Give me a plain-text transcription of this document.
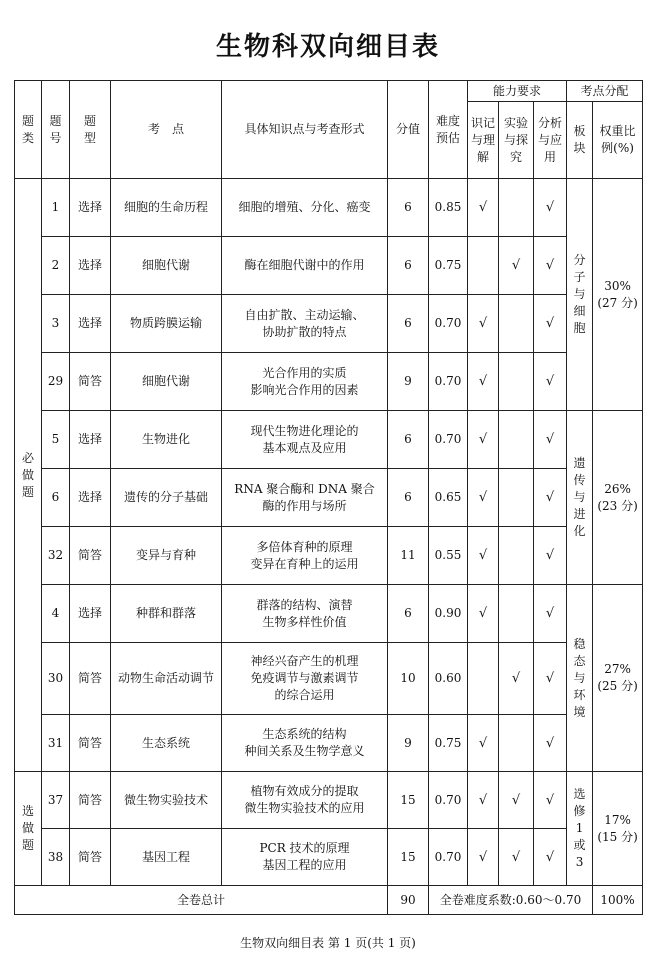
生物科双向细目表
题类	题号	题型	考　点	具体知识点与考查形式	分值	难度预估	能力要求			考点分配	
							识记与理解	实验与探究	分析与应用	板块	权重比例(%)
必做题	1	选择	细胞的生命历程	细胞的增殖、分化、癌变	6	0.85	√		√	分子与细胞	30%
(27 分)
	2	选择	细胞代谢	酶在细胞代谢中的作用	6	0.75		√	√		
	3	选择	物质跨膜运输	自由扩散、主动运输、
协助扩散的特点	6	0.70	√		√		
	29	简答	细胞代谢	光合作用的实质
影响光合作用的因素	9	0.70	√		√		
	5	选择	生物进化	现代生物进化理论的
基本观点及应用	6	0.70	√		√	遗传与进化	26%
(23 分)
	6	选择	遗传的分子基础	RNA 聚合酶和 DNA 聚合
酶的作用与场所	6	0.65	√		√		
	32	简答	变异与育种	多倍体育种的原理
变异在育种上的运用	11	0.55	√		√		
	4	选择	种群和群落	群落的结构、演替
生物多样性价值	6	0.90	√		√	稳态与环境	27%
(25 分)
	30	简答	动物生命活动调节	神经兴奋产生的机理
免疫调节与激素调节
的综合运用	10	0.60		√	√		
	31	简答	生态系统	生态系统的结构
种间关系及生物学意义	9	0.75	√		√		
选做题	37	简答	微生物实验技术	植物有效成分的提取
微生物实验技术的应用	15	0.70	√	√	√	选修1或3	17%
(15 分)
	38	简答	基因工程	PCR 技术的原理
基因工程的应用	15	0.70	√	√	√		
全卷总计					90	全卷难度系数:0.60～0.70					100%
生物双向细目表 第 1 页(共 1 页)
